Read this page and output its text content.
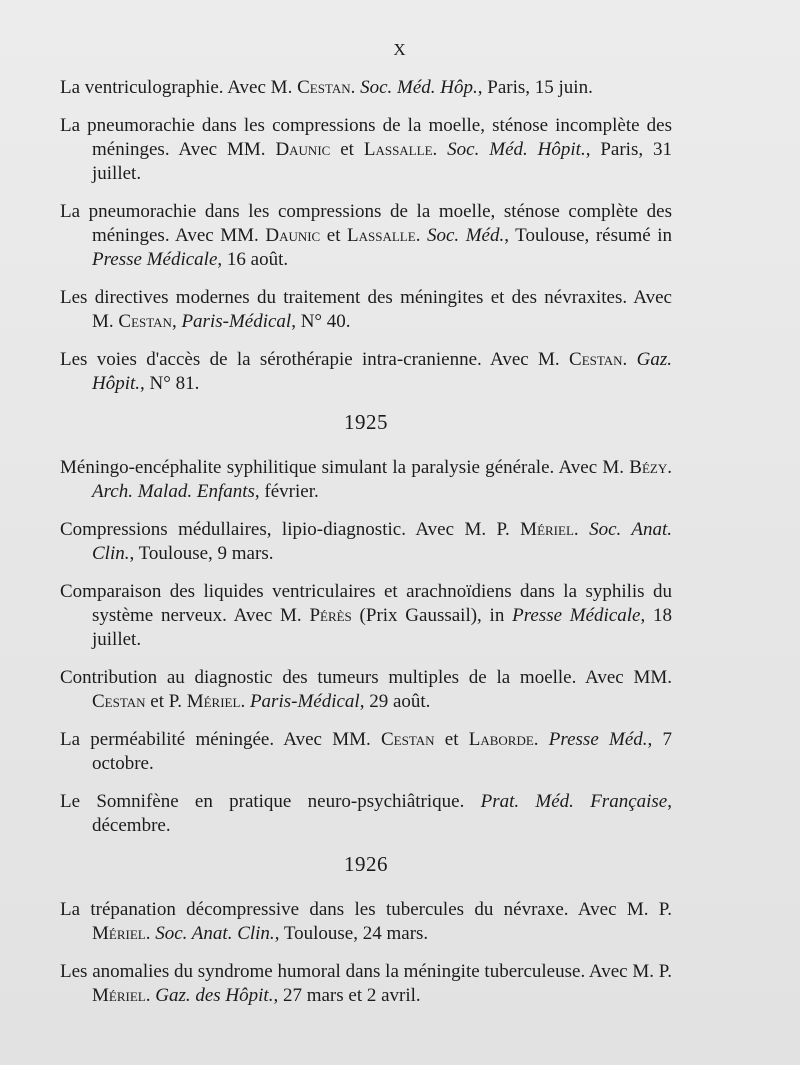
X

La ventriculographie. Avec M. Cestan. Soc. Méd. Hôp., Paris, 15 juin.

La pneumorachie dans les compressions de la moelle, sténose incomplète des méninges. Avec MM. Daunic et Lassalle. Soc. Méd. Hôpit., Paris, 31 juillet.

La pneumorachie dans les compressions de la moelle, sténose complète des méninges. Avec MM. Daunic et Lassalle. Soc. Méd., Toulouse, résumé in Presse Médicale, 16 août.

Les directives modernes du traitement des méningites et des névraxites. Avec M. Cestan, Paris-Médical, N° 40.

Les voies d'accès de la sérothérapie intra-cranienne. Avec M. Cestan. Gaz. Hôpit., N° 81.

1925

Méningo-encéphalite syphilitique simulant la paralysie générale. Avec M. Bézy. Arch. Malad. Enfants, février.

Compressions médullaires, lipio-diagnostic. Avec M. P. Mériel. Soc. Anat. Clin., Toulouse, 9 mars.

Comparaison des liquides ventriculaires et arachnoïdiens dans la syphilis du système nerveux. Avec M. Pérès (Prix Gaussail), in Presse Médicale, 18 juillet.

Contribution au diagnostic des tumeurs multiples de la moelle. Avec MM. Cestan et P. Mériel. Paris-Médical, 29 août.

La perméabilité méningée. Avec MM. Cestan et Laborde. Presse Méd., 7 octobre.

Le Somnifène en pratique neuro-psychiâtrique. Prat. Méd. Française, décembre.

1926

La trépanation décompressive dans les tubercules du névraxe. Avec M. P. Mériel. Soc. Anat. Clin., Toulouse, 24 mars.

Les anomalies du syndrome humoral dans la méningite tuberculeuse. Avec M. P. Mériel. Gaz. des Hôpit., 27 mars et 2 avril.
